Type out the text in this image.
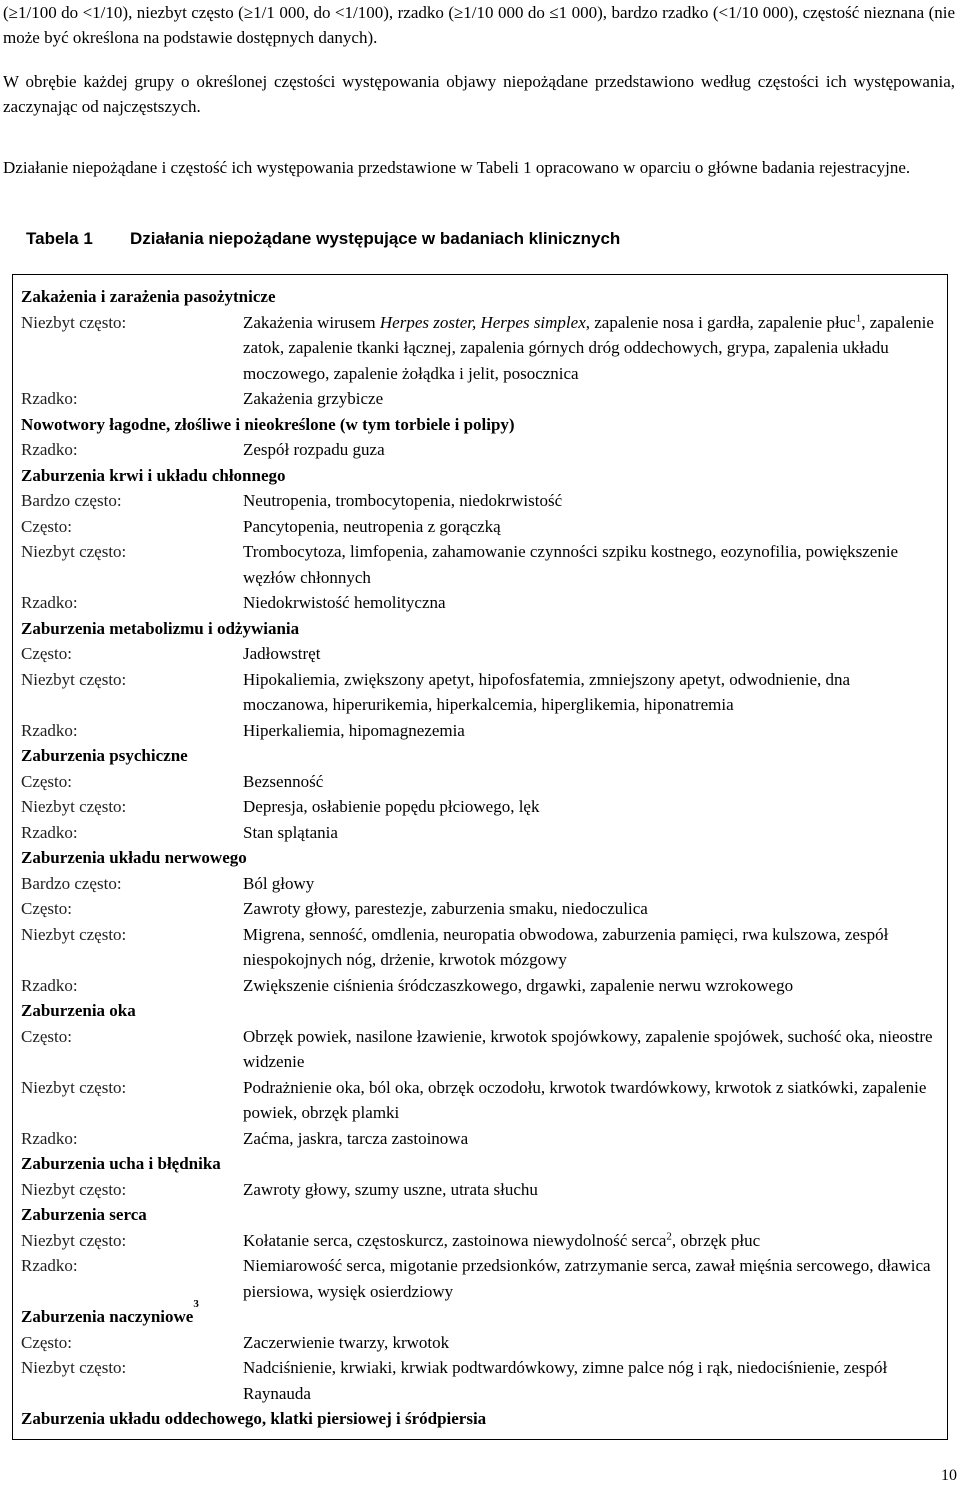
(≥1/100 do <1/10), niezbyt często (≥1/1 000, do <1/100), rzadko (≥1/10 000 do ≤1 000), bardzo rzadko (<1/10 000), częstość nieznana (nie może być określona na podstawie dostępnych danych).

W obrębie każdej grupy o określonej częstości występowania objawy niepożądane przedstawiono według częstości ich występowania, zaczynając od najczęstszych.

Działanie niepożądane i częstość ich występowania przedstawione w Tabeli 1 opracowano w oparciu o główne badania rejestracyjne.

Tabela 1 Działania niepożądane występujące w badaniach klinicznych
Zakażenia i zarażenia pasożytnicze
Niezbyt często:	Zakażenia wirusem Herpes zoster, Herpes simplex, zapalenie nosa i gardła, zapalenie płuc$^1$, zapalenie zatok, zapalenie tkanki łącznej, zapalenia górnych dróg oddechowych, grypa, zapalenia układu moczowego, zapalenie żołądka i jelit, posocznica
Rzadko:	Zakażenia grzybicze
Nowotwory łagodne, złośliwe i nieokreślone (w tym torbiele i polipy)
Rzadko:	Zespół rozpadu guza
Zaburzenia krwi i układu chłonnego
Bardzo często:	Neutropenia, trombocytopenia, niedokrwistość
Często:	Pancytopenia, neutropenia z gorączką
Niezbyt często:	Trombocytoza, limfopenia, zahamowanie czynności szpiku kostnego, eozynofilia, powiększenie węzłów chłonnych
Rzadko:	Niedokrwistość hemolityczna
Zaburzenia metabolizmu i odżywiania
Często:	Jadłowstręt
Niezbyt często:	Hipokaliemia, zwiększony apetyt, hipofosfatemia, zmniejszony apetyt, odwodnienie, dna moczanowa, hiperurikemia, hiperkalcemia, hiperglikemia, hiponatremia
Rzadko:	Hiperkaliemia, hipomagnezemia
Zaburzenia psychiczne
Często:	Bezsenność
Niezbyt często:	Depresja, osłabienie popędu płciowego, lęk
Rzadko:	Stan splątania
Zaburzenia układu nerwowego
Bardzo często:	Ból głowy
Często:	Zawroty głowy, parestezje, zaburzenia smaku, niedoczulica
Niezbyt często:	Migrena, senność, omdlenia, neuropatia obwodowa, zaburzenia pamięci, rwa kulszowa, zespół niespokojnych nóg, drżenie, krwotok mózgowy
Rzadko:	Zwiększenie ciśnienia śródczaszkowego, drgawki, zapalenie nerwu wzrokowego
Zaburzenia oka
Często:	Obrzęk powiek, nasilone łzawienie, krwotok spojówkowy, zapalenie spojówek, suchość oka, nieostre widzenie
Niezbyt często:	Podrażnienie oka, ból oka, obrzęk oczodołu, krwotok twardówkowy, krwotok z siatkówki, zapalenie powiek, obrzęk plamki
Rzadko:	Zaćma, jaskra, tarcza zastoinowa
Zaburzenia ucha i błędnika
Niezbyt często:	Zawroty głowy, szumy uszne, utrata słuchu
Zaburzenia serca
Niezbyt często:	Kołatanie serca, częstoskurcz, zastoinowa niewydolność serca$^2$, obrzęk płuc
Rzadko:	Niemiarowość serca, migotanie przedsionków, zatrzymanie serca, zawał mięśnia sercowego, dławica piersiowa, wysięk osierdziowy
Zaburzenia naczyniowe
3
Często:	Zaczerwienie twarzy, krwotok
Niezbyt często:	Nadciśnienie, krwiaki, krwiak podtwardówkowy, zimne palce nóg i rąk, niedociśnienie, zespół Raynauda
Zaburzenia układu oddechowego, klatki piersiowej i śródpiersia
10
